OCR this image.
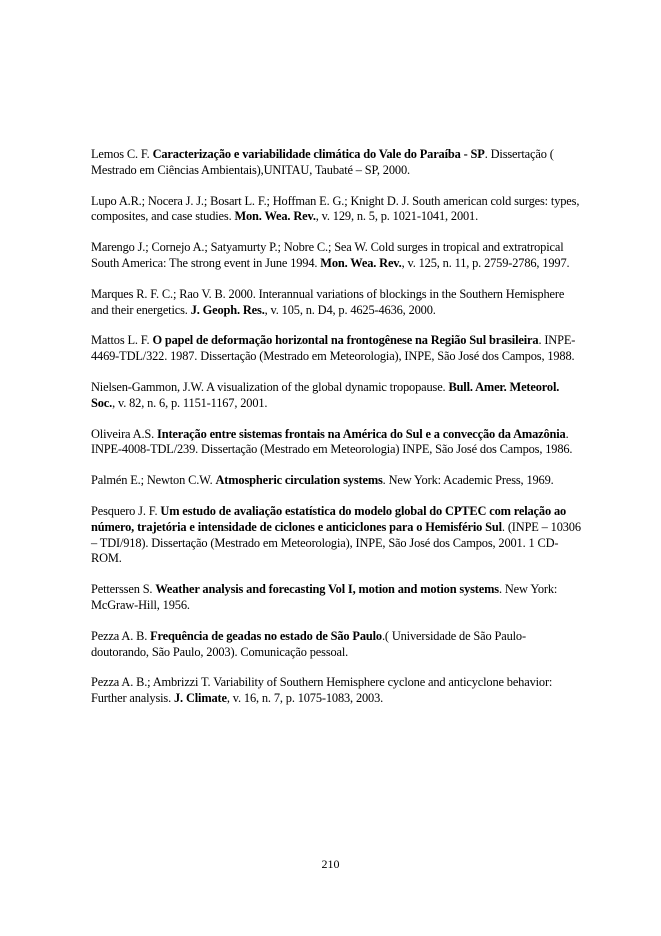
Lemos C. F. Caracterização e variabilidade climática do Vale do Paraíba - SP. Dissertação ( Mestrado em Ciências Ambientais),UNITAU, Taubaté – SP, 2000.
Lupo A.R.; Nocera J. J.; Bosart L. F.; Hoffman E. G.; Knight D. J. South american cold surges: types, composites, and case studies. Mon. Wea. Rev., v. 129, n. 5, p. 1021-1041, 2001.
Marengo J.; Cornejo A.; Satyamurty P.; Nobre C.; Sea W. Cold surges in tropical and extratropical South America: The strong event in June 1994. Mon. Wea. Rev., v. 125, n. 11, p. 2759-2786, 1997.
Marques R. F. C.; Rao V. B. 2000. Interannual variations of blockings in the Southern Hemisphere and their energetics. J. Geoph. Res., v. 105, n. D4, p. 4625-4636, 2000.
Mattos L. F. O papel de deformação horizontal na frontogênese na Região Sul brasileira. INPE-4469-TDL/322. 1987. Dissertação (Mestrado em Meteorologia), INPE, São José dos Campos, 1988.
Nielsen-Gammon, J.W. A visualization of the global dynamic tropopause. Bull. Amer. Meteorol. Soc., v. 82, n. 6, p. 1151-1167, 2001.
Oliveira A.S. Interação entre sistemas frontais na América do Sul e a convecção da Amazônia. INPE-4008-TDL/239. Dissertação (Mestrado em Meteorologia) INPE, São José dos Campos, 1986.
Palmén E.; Newton C.W. Atmospheric circulation systems. New York: Academic Press, 1969.
Pesquero J. F. Um estudo de avaliação estatística do modelo global do CPTEC com relação ao número, trajetória e intensidade de ciclones e anticiclones para o Hemisfério Sul. (INPE – 10306 – TDI/918). Dissertação (Mestrado em Meteorologia), INPE, São José dos Campos, 2001. 1 CD-ROM.
Petterssen S. Weather analysis and forecasting Vol I, motion and motion systems. New York: McGraw-Hill, 1956.
Pezza A. B. Frequência de geadas no estado de São Paulo.( Universidade de São Paulo-doutorando, São Paulo, 2003). Comunicação pessoal.
Pezza A. B.; Ambrizzi T. Variability of Southern Hemisphere cyclone and anticyclone behavior: Further analysis. J. Climate, v. 16, n. 7, p. 1075-1083, 2003.
210
